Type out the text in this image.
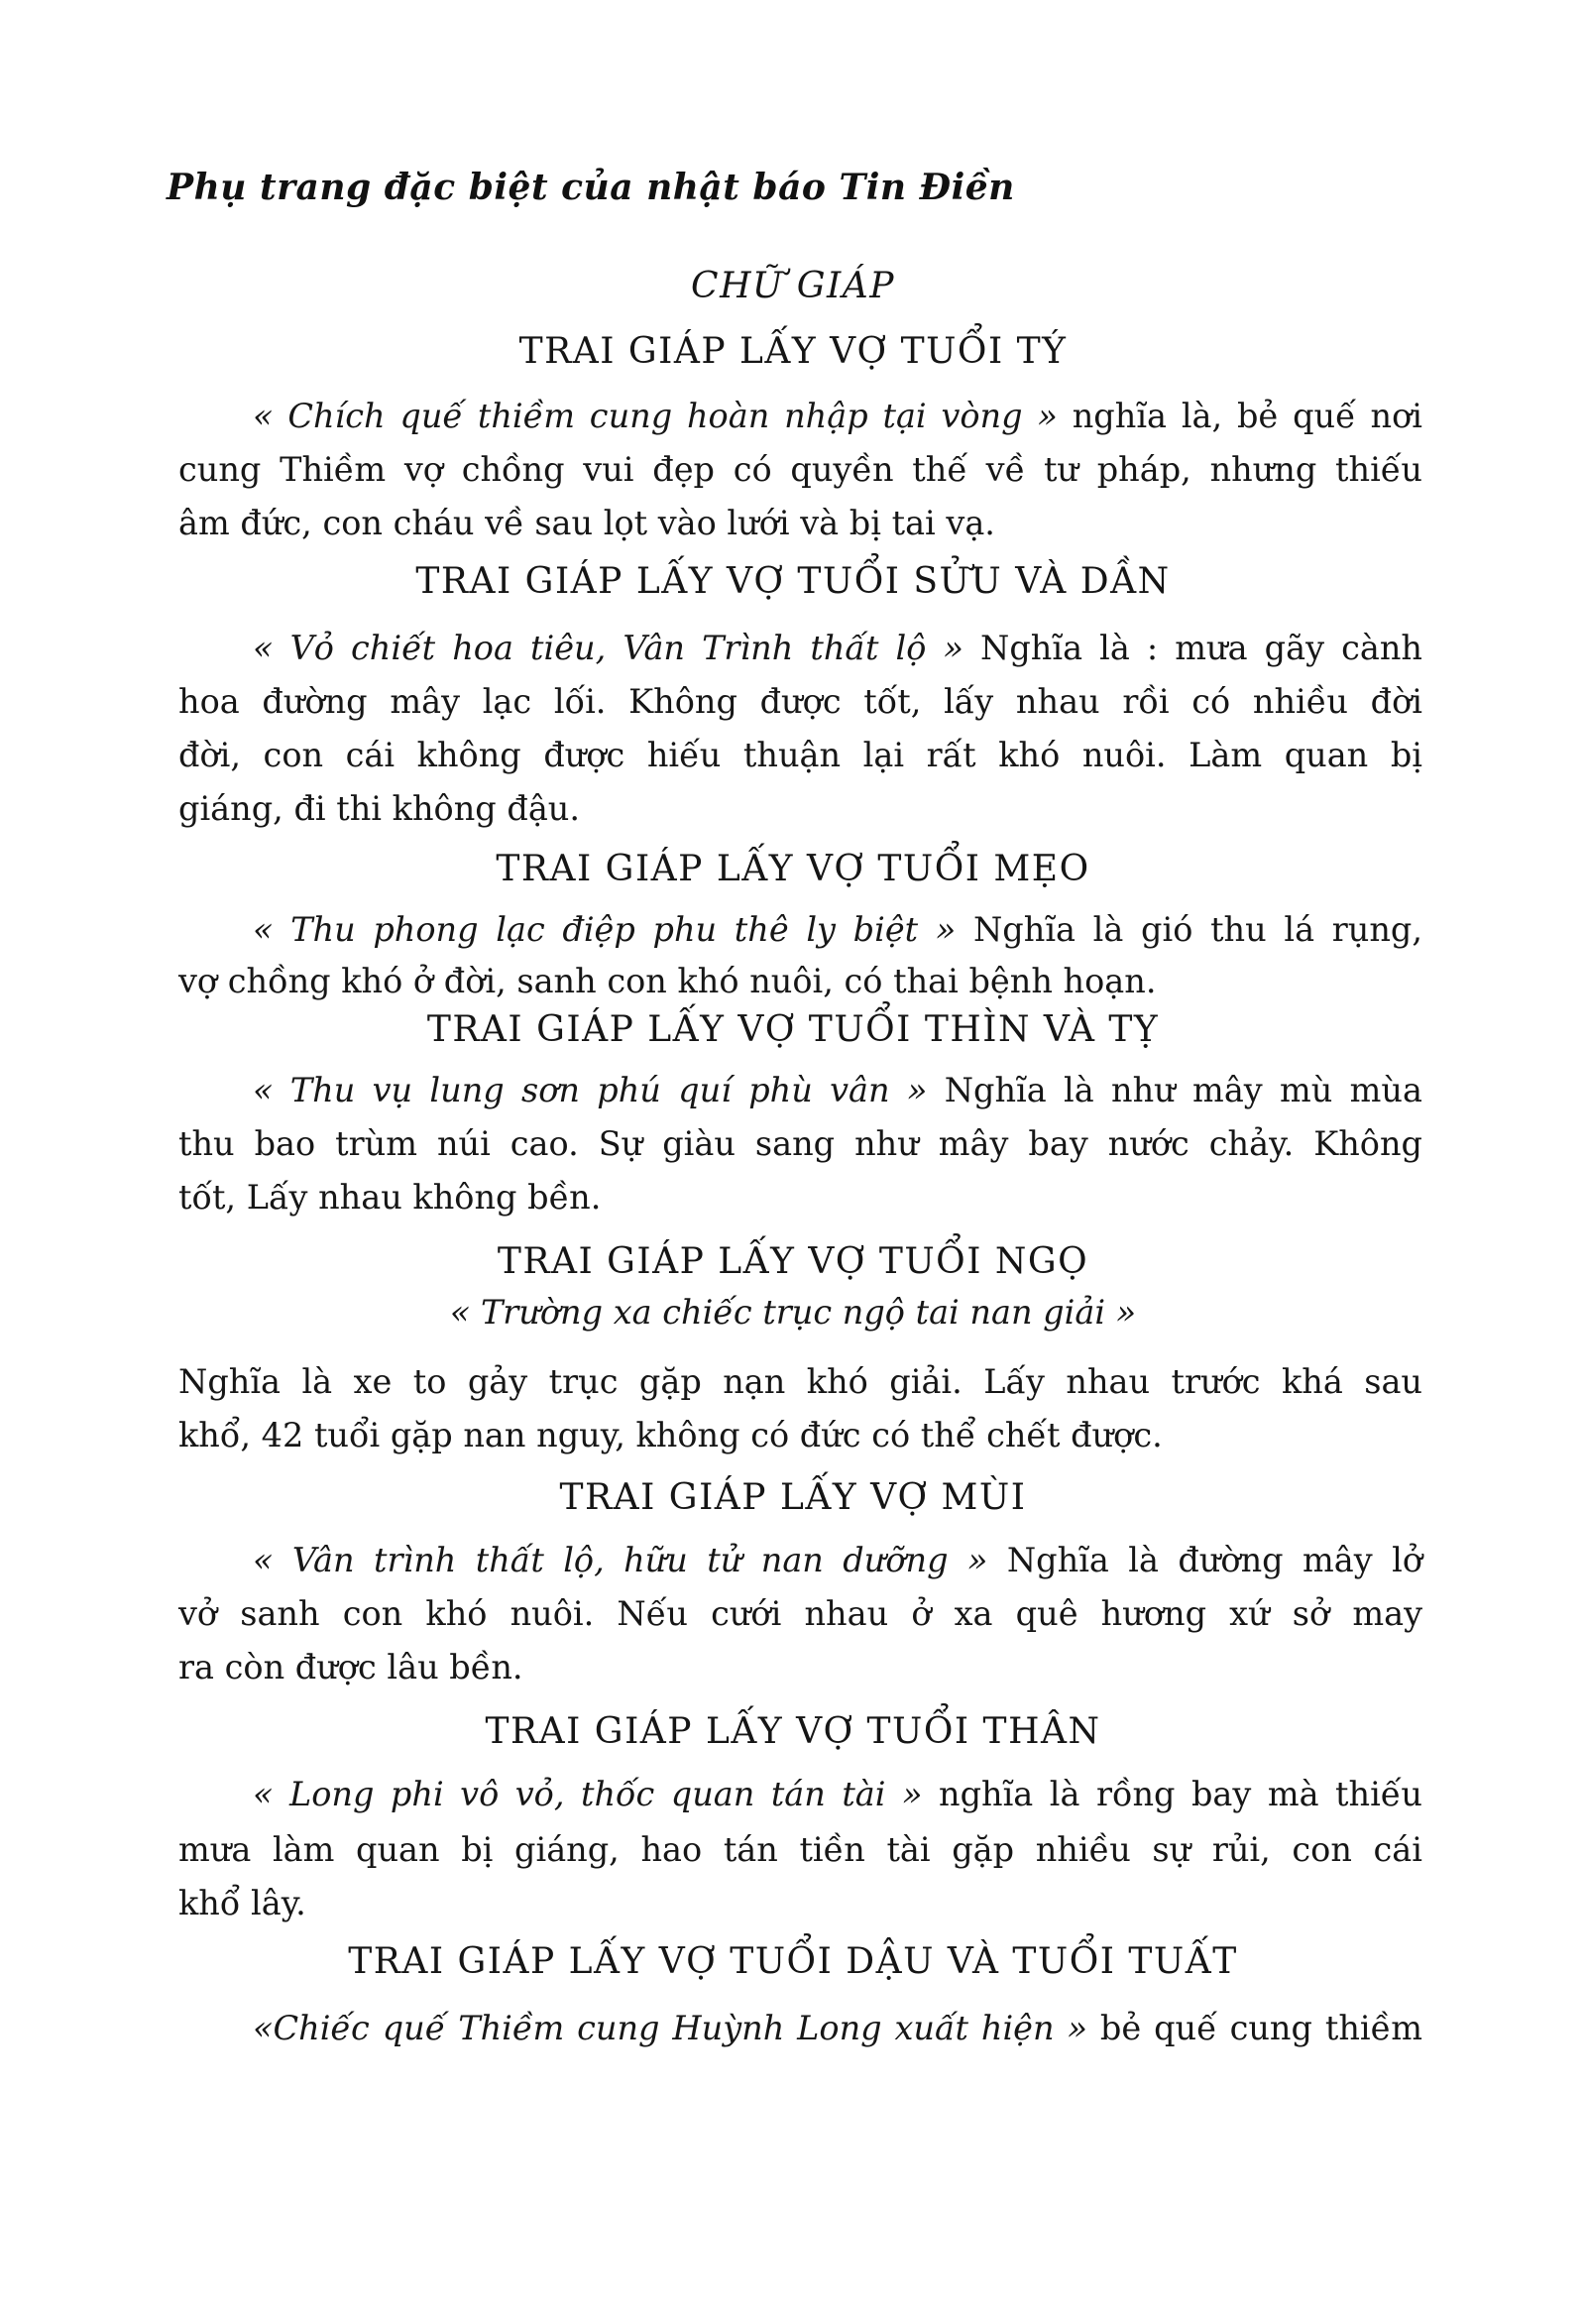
Phụ trang đặc biệt của nhật báo Tin Điền
CHỮ GIÁP
TRAI GIÁP LẤY VỢ TUỔI TÝ
« Chích quế thiềm cung hoàn nhập tại vòng » nghĩa là, bẻ quế nơi
cung Thiềm vợ chồng vui đẹp có quyền thế về tư pháp, nhưng thiếu
âm đức, con cháu về sau lọt vào lưới và bị tai vạ.
TRAI GIÁP LẤY VỢ TUỔI SỬU VÀ DẦN
« Vỏ chiết hoa tiêu, Vân Trình thất lộ » Nghĩa là : mưa gãy cành
hoa đường mây lạc lối. Không được tốt, lấy nhau rồi có nhiều đời
đời, con cái không được hiếu thuận lại rất khó nuôi. Làm quan bị
giáng, đi thi không đậu.
TRAI GIÁP LẤY VỢ TUỔI MẸO
« Thu phong lạc điệp phu thê ly biệt » Nghĩa là gió thu lá rụng,
vợ chồng khó ở đời, sanh con khó nuôi, có thai bệnh hoạn.
TRAI GIÁP LẤY VỢ TUỔI THÌN VÀ TỴ
« Thu vụ lung sơn phú quí phù vân » Nghĩa là như mây mù mùa
thu bao trùm núi cao. Sự giàu sang như mây bay nước chảy. Không
tốt, Lấy nhau không bền.
TRAI GIÁP LẤY VỢ TUỔI NGỌ
« Trường xa chiếc trục ngộ tai nan giải »
Nghĩa là xe to gảy trục gặp nạn khó giải. Lấy nhau trước khá sau
khổ, 42 tuổi gặp nan nguy, không có đức có thể chết được.
TRAI GIÁP LẤY VỢ MÙI
« Vân trình thất lộ, hữu tử nan dưỡng » Nghĩa là đường mây lở
vở sanh con khó nuôi. Nếu cưới nhau ở xa quê hương xứ sở may
ra còn được lâu bền.
TRAI GIÁP LẤY VỢ TUỔI THÂN
« Long phi vô vỏ, thốc quan tán tài » nghĩa là rồng bay mà thiếu
mưa làm quan bị giáng, hao tán tiền tài gặp nhiều sự rủi, con cái
khổ lây.
TRAI GIÁP LẤY VỢ TUỔI DẬU VÀ TUỔI TUẤT
«Chiếc quế Thiềm cung Huỳnh Long xuất hiện » bẻ quế cung thiềm
